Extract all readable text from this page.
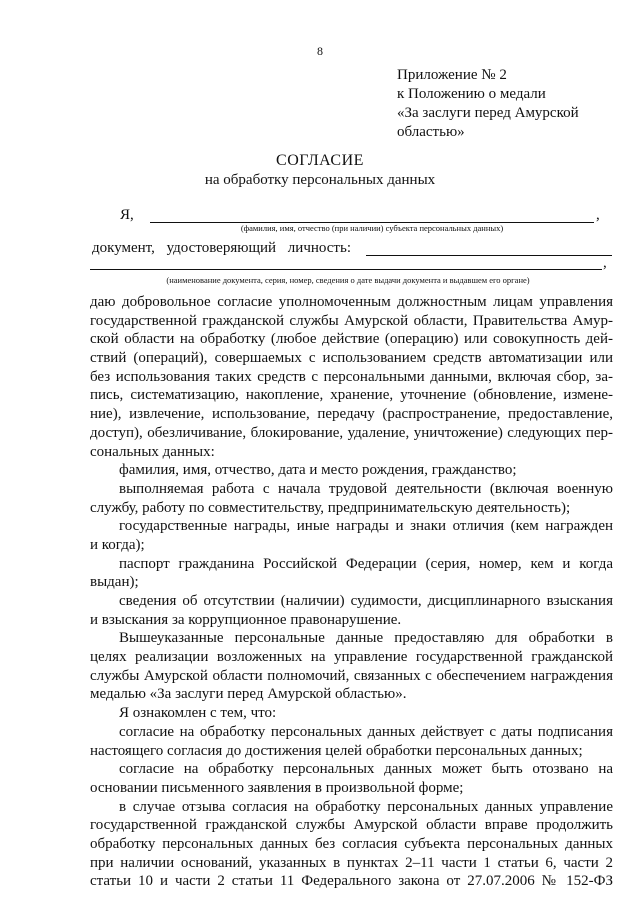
8
Приложение № 2
к Положению о медали
«За заслуги перед Амурской
областью»
СОГЛАСИЕ
на обработку персональных данных
Я,	,
(фамилия, имя, отчество (при наличии) субъекта персональных данных)
документ, удостоверяющий личность:
,
(наименование документа, серия, номер, сведения о дате выдачи документа и выдавшем его органе)
даю добровольное согласие уполномоченным должностным лицам управления
государственной гражданской службы Амурской области, Правительства Амур-
ской области на обработку (любое действие (операцию) или совокупность дей-
ствий (операций), совершаемых с использованием средств автоматизации или
без использования таких средств с персональными данными, включая сбор, за-
пись, систематизацию, накопление, хранение, уточнение (обновление, измене-
ние), извлечение, использование, передачу (распространение, предоставление,
доступ), обезличивание, блокирование, удаление, уничтожение) следующих пер-
сональных данных:
фамилия, имя, отчество, дата и место рождения, гражданство;
выполняемая работа с начала трудовой деятельности (включая военную
службу, работу по совместительству, предпринимательскую деятельность);
государственные награды, иные награды и знаки отличия (кем награжден
и когда);
паспорт гражданина Российской Федерации (серия, номер, кем и когда
выдан);
сведения об отсутствии (наличии) судимости, дисциплинарного взыскания
и взыскания за коррупционное правонарушение.
Вышеуказанные персональные данные предоставляю для обработки в
целях реализации возложенных на управление государственной гражданской
службы Амурской области полномочий, связанных с обеспечением награждения
медалью «За заслуги перед Амурской областью».
Я ознакомлен с тем, что:
согласие на обработку персональных данных действует с даты подписания
настоящего согласия до достижения целей обработки персональных данных;
согласие на обработку персональных данных может быть отозвано на
основании письменного заявления в произвольной форме;
в случае отзыва согласия на обработку персональных данных управление
государственной гражданской службы Амурской области вправе продолжить
обработку персональных данных без согласия субъекта персональных данных
при наличии оснований, указанных в пунктах 2–11 части 1 статьи 6, части 2
статьи 10 и части 2 статьи 11 Федерального закона от 27.07.2006 № 152-ФЗ
